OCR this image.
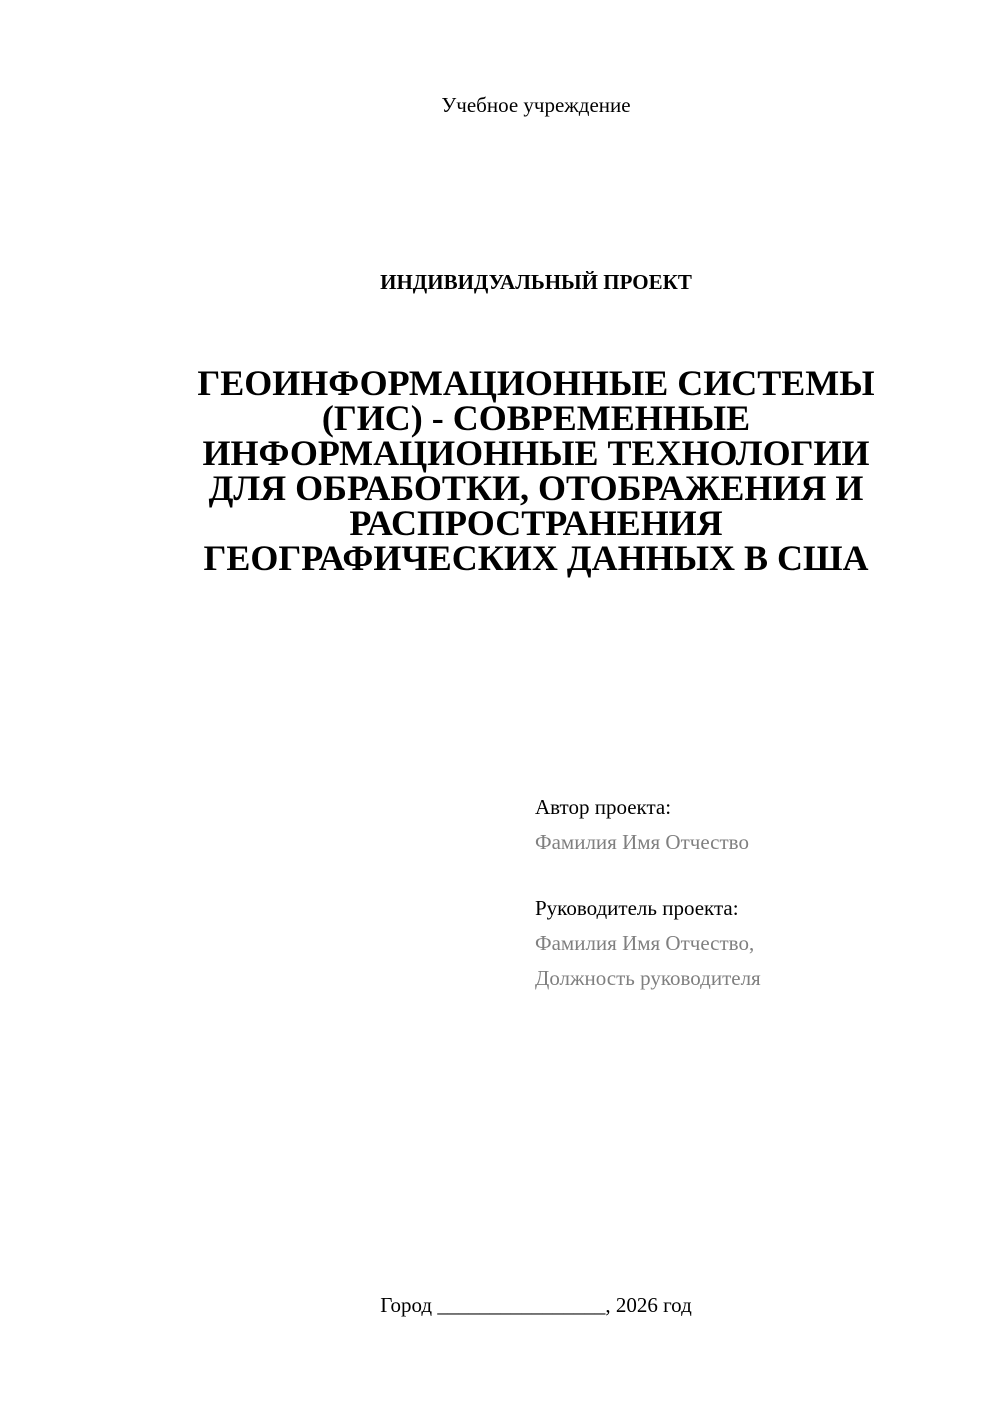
Учебное учреждение
ИНДИВИДУАЛЬНЫЙ ПРОЕКТ
ГЕОИНФОРМАЦИОННЫЕ СИСТЕМЫ
(ГИС) - СОВРЕМЕННЫЕ
ИНФОРМАЦИОННЫЕ ТЕХНОЛОГИИ
ДЛЯ ОБРАБОТКИ, ОТОБРАЖЕНИЯ И
РАСПРОСТРАНЕНИЯ
ГЕОГРАФИЧЕСКИХ ДАННЫХ В США
Автор проекта:
Фамилия Имя Отчество
Руководитель проекта:
Фамилия Имя Отчество,
Должность руководителя
Город ________________, 2026 год
